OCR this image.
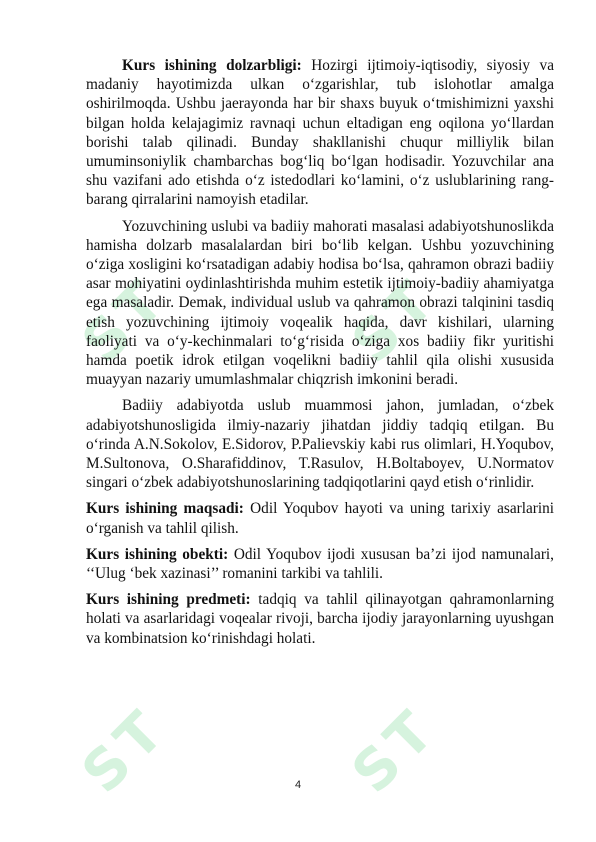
ST	ST
ST	ST

Kurs ishining dolzarbligi: Hozirgi ijtimoiy-iqtisodiy, siyosiy va madaniy hayotimizda ulkan o‘zgarishlar, tub islohotlar amalga oshirilmoqda. Ushbu jaerayonda har bir shaxs buyuk o‘tmishimizni yaxshi bilgan holda kelajagimiz ravnaqi uchun eltadigan eng oqilona yo‘llardan borishi talab qilinadi. Bunday shakllanishi chuqur milliylik bilan umuminsoniylik chambarchas bog‘liq bo‘lgan hodisadir. Yozuvchilar ana shu vazifani ado etishda o‘z istedodlari ko‘lamini, o‘z uslublarining rang-barang qirralarini namoyish etadilar.

Yozuvchining uslubi va badiiy mahorati masalasi adabiyotshunoslikda hamisha dolzarb masalalardan biri bo‘lib kelgan. Ushbu yozuvchining o‘ziga xosligini ko‘rsatadigan adabiy hodisa bo‘lsa, qahramon obrazi badiiy asar mohiyatini oydinlashtirishda muhim estetik ijtimoiy-badiiy ahamiyatga ega masaladir. Demak, individual uslub va qahramon obrazi talqinini tasdiq etish yozuvchining ijtimoiy voqealik haqida, davr kishilari, ularning faoliyati va o‘y-kechinmalari to‘g‘risida o‘ziga xos badiiy fikr yuritishi hamda poetik idrok etilgan voqelikni badiiy tahlil qila olishi xususida muayyan nazariy umumlashmalar chiqzrish imkonini beradi.

Badiiy adabiyotda uslub muammosi jahon, jumladan, o‘zbek adabiyotshunosligida ilmiy-nazariy jihatdan jiddiy tadqiq etilgan. Bu o‘rinda A.N.Sokolov, E.Sidorov, P.Palievskiy kabi rus olimlari, H.Yoqubov, M.Sultonova, O.Sharafiddinov, T.Rasulov, H.Boltaboyev, U.Normatov singari o‘zbek adabiyotshunoslarining tadqiqotlarini qayd etish o‘rinlidir.

Kurs ishining maqsadi: Odil Yoqubov hayoti va uning tarixiy asarlarini o‘rganish va tahlil qilish.

Kurs ishining obekti: Odil Yoqubov ijodi xususan ba’zi ijod namunalari, ‘‘Ulug ‘bek xazinasi’’ romanini tarkibi va tahlili.

Kurs ishining predmeti: tadqiq va tahlil qilinayotgan qahramonlarning holati va asarlaridagi voqealar rivoji, barcha ijodiy jarayonlarning uyushgan va kombinatsion ko‘rinishdagi holati.

4
